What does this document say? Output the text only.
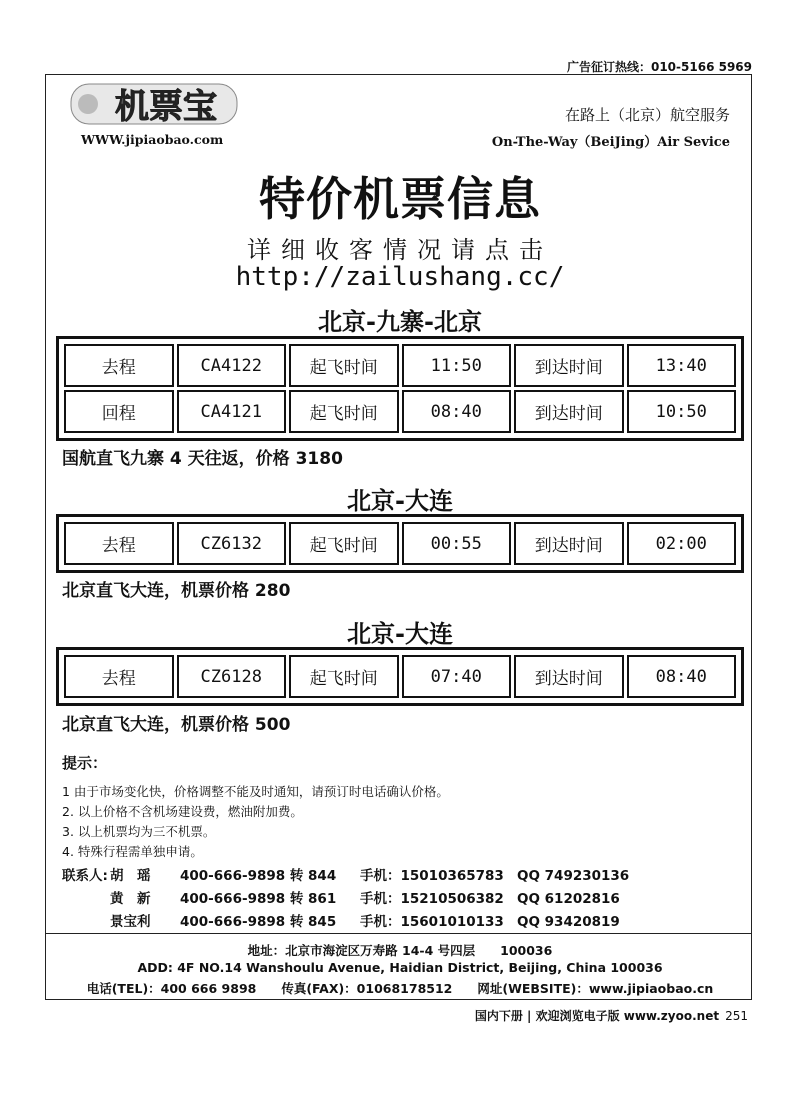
广告征订热线：010-5166 5969
机票宝
WWW.jipiaobao.com
在路上（北京）航空服务
On-The-Way（BeiJing）Air Sevice
特价机票信息
详细收客情况请点击
http://zailushang.cc/
北京-九寨-北京
去程	CA4122	起飞时间	11:50	到达时间	13:40
回程	CA4121	起飞时间	08:40	到达时间	10:50
国航直飞九寨 4 天往返，价格 3180
北京-大连
去程	CZ6132	起飞时间	00:55	到达时间	02:00
北京直飞大连，机票价格 280
北京-大连
去程	CZ6128	起飞时间	07:40	到达时间	08:40
北京直飞大连，机票价格 500
提示：
1 由于市场变化快，价格调整不能及时通知，请预订时电话确认价格。
2. 以上价格不含机场建设费，燃油附加费。
3. 以上机票均为三不机票。
4. 特殊行程需单独申请。
联系人: 胡　瑶 400-666-9898 转 844 手机：15010365783 QQ 749230136
黄　新 400-666-9898 转 861 手机：15210506382 QQ 61202816
景宝利 400-666-9898 转 845 手机：15601010133 QQ 93420819
地址：北京市海淀区万寿路 14-4 号四层　　100036
ADD: 4F NO.14 Wanshoulu Avenue, Haidian District, Beijing, China 100036
电话(TEL)：400 666 9898　　传真(FAX)：01068178512　　网址(WEBSITE)：www.jipiaobao.cn
国内下册 | 欢迎浏览电子版 www.zyoo.net 251
